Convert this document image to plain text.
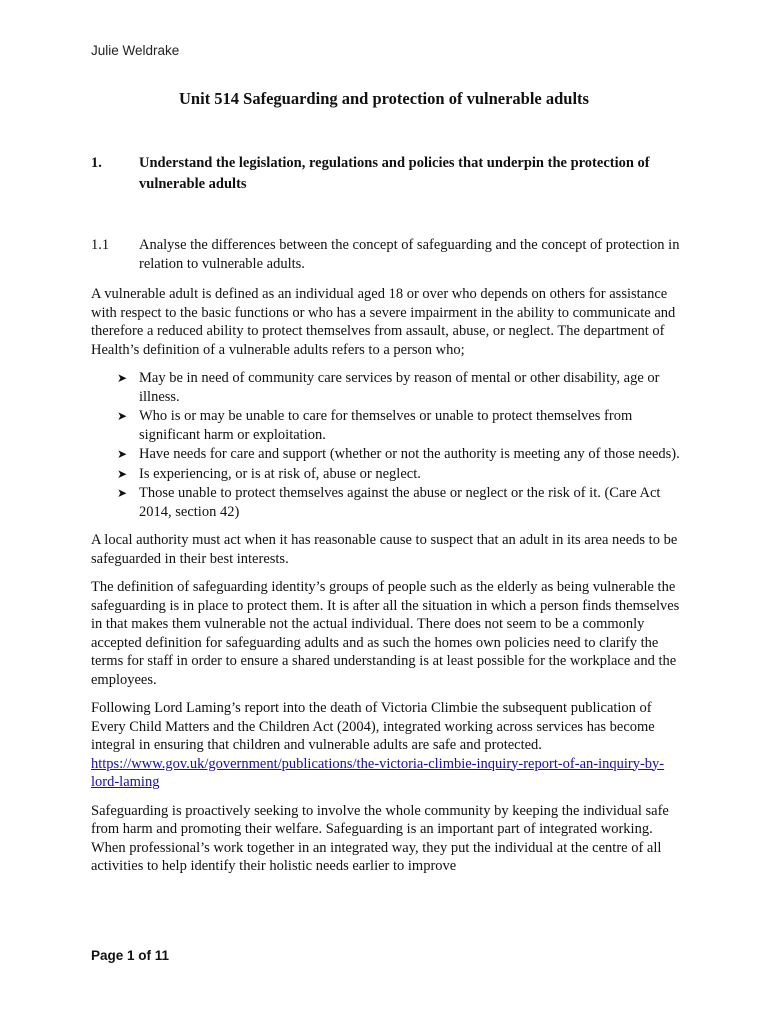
Julie Weldrake
Unit 514 Safeguarding and protection of vulnerable adults
1.	Understand the legislation, regulations and policies that underpin the protection of vulnerable adults
1.1 Analyse the differences between the concept of safeguarding and the concept of protection in relation to vulnerable adults.

A vulnerable adult is defined as an individual aged 18 or over who depends on others for assistance with respect to the basic functions or who has a severe impairment in the ability to communicate and therefore a reduced ability to protect themselves from assault, abuse, or neglect. The department of Health’s definition of a vulnerable adults refers to a person who;

➤ May be in need of community care services by reason of mental or other disability, age or illness.
➤ Who is or may be unable to care for themselves or unable to protect themselves from significant harm or exploitation.
➤ Have needs for care and support (whether or not the authority is meeting any of those needs).
➤ Is experiencing, or is at risk of, abuse or neglect.
➤ Those unable to protect themselves against the abuse or neglect or the risk of it. (Care Act 2014, section 42)

A local authority must act when it has reasonable cause to suspect that an adult in its area needs to be safeguarded in their best interests.

The definition of safeguarding identity’s groups of people such as the elderly as being vulnerable the safeguarding is in place to protect them. It is after all the situation in which a person finds themselves in that makes them vulnerable not the actual individual. There does not seem to be a commonly accepted definition for safeguarding adults and as such the homes own policies need to clarify the terms for staff in order to ensure a shared understanding is at least possible for the workplace and the employees.

Following Lord Laming’s report into the death of Victoria Climbie the subsequent publication of Every Child Matters and the Children Act (2004), integrated working across services has become integral in ensuring that children and vulnerable adults are safe and protected.  https://www.gov.uk/government/publications/the-victoria-climbie-inquiry-report-of-an-inquiry-by-lord-laming

Safeguarding is proactively seeking to involve the whole community by keeping the individual safe from harm and promoting their welfare. Safeguarding is an important part of integrated working. When professional’s work together in an integrated way, they put the individual at the centre of all activities to help identify their holistic needs earlier to improve

Page 1 of 11
